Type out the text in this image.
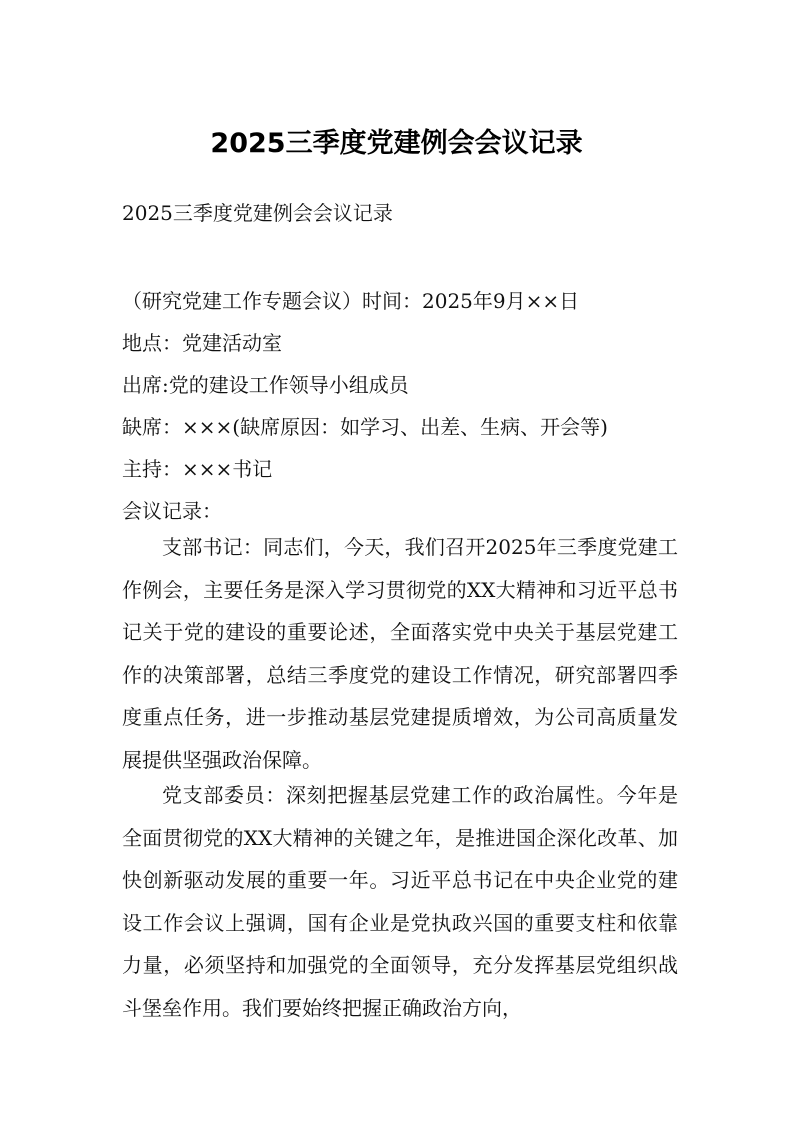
2025三季度党建例会会议记录

2025三季度党建例会会议记录

（研究党建工作专题会议）时间：2025年9月××日
地点：党建活动室
出席:党的建设工作领导小组成员
缺席：×××(缺席原因：如学习、出差、生病、开会等)
主持：×××书记
会议记录：

支部书记：同志们，今天，我们召开2025年三季度党建工作例会，主要任务是深入学习贯彻党的XX大精神和习近平总书记关于党的建设的重要论述，全面落实党中央关于基层党建工作的决策部署，总结三季度党的建设工作情况，研究部署四季度重点任务，进一步推动基层党建提质增效，为公司高质量发展提供坚强政治保障。

党支部委员：深刻把握基层党建工作的政治属性。今年是全面贯彻党的XX大精神的关键之年，是推进国企深化改革、加快创新驱动发展的重要一年。习近平总书记在中央企业党的建设工作会议上强调，国有企业是党执政兴国的重要支柱和依靠力量，必须坚持和加强党的全面领导，充分发挥基层党组织战斗堡垒作用。我们要始终把握正确政治方向，
